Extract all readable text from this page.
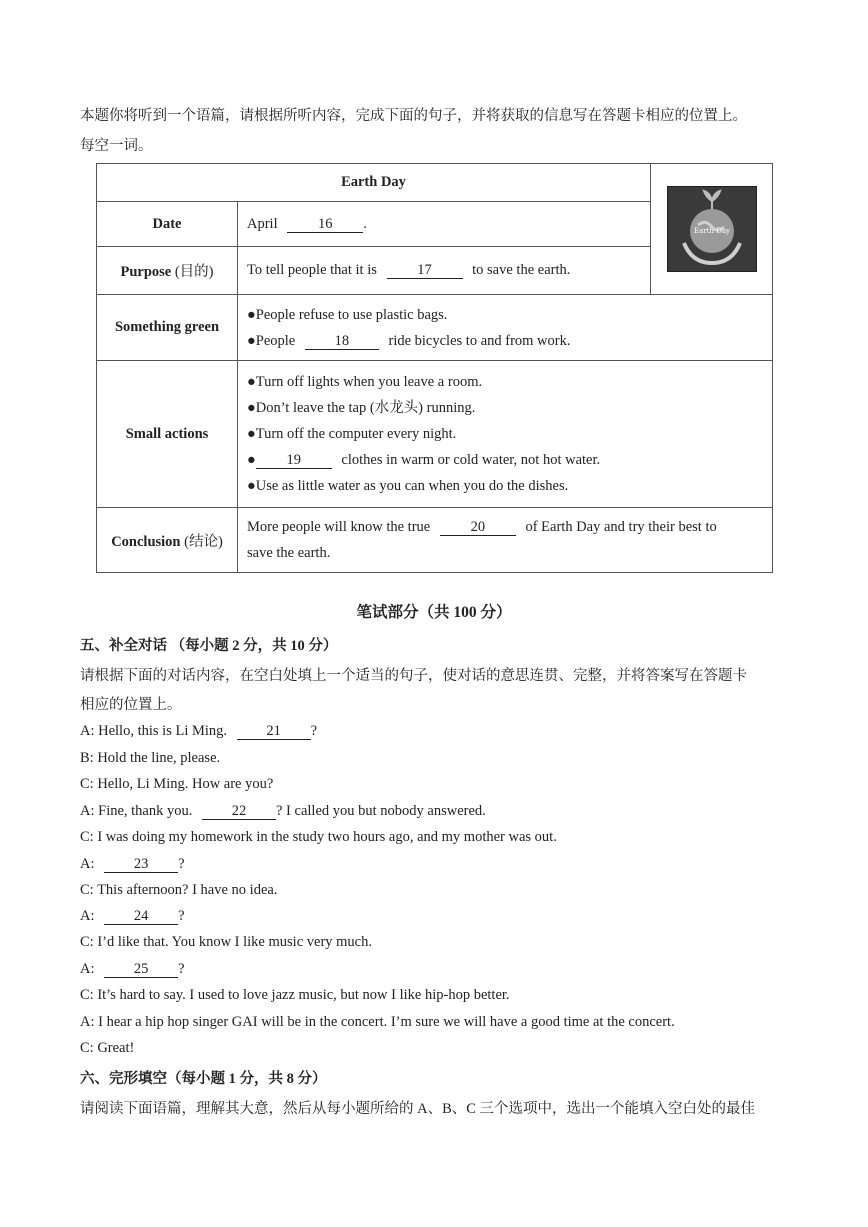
本题你将听到一个语篇，请根据所听内容，完成下面的句子，并将获取的信息写在答题卡相应的位置上。
每空一词。
Earth Day		Earth Day

Date	April 16 .	
Purpose (目的)	To tell people that it is 17 to save the earth.	
Something green	●People refuse to use plastic bags.
●People 18 ride bicycles to and from work.	

Small actions	●Turn off lights when you leave a room.
●Don’t leave the tap (水龙头) running.
●Turn off the computer every night.
● 19 clothes in warm or cold water, not hot water.
●Use as little water as you can when you do the dishes.	

Conclusion (结论)	More people will know the true 20 of Earth Day and try their best to
save the earth.	
笔试部分（共 100 分）
五、补全对话 （每小题 2 分，共 10 分）
请根据下面的对话内容，在空白处填上一个适当的句子，使对话的意思连贯、完整，并将答案写在答题卡
相应的位置上。
A: Hello, this is Li Ming.	21 ?
B: Hold the line, please.
C: Hello, Li Ming. How are you?
A: Fine, thank you.	22 ? I called you but nobody answered.
C: I was doing my homework in the study two hours ago, and my mother was out.
A:	23 ?
C: This afternoon? I have no idea.
A:	24 ?
C: I’d like that. You know I like music very much.
A:	25 ?
C: It’s hard to say. I used to love jazz music, but now I like hip-hop better.
A: I hear a hip hop singer GAI will be in the concert. I’m sure we will have a good time at the concert.
C: Great!
六、完形填空（每小题 1 分，共 8 分）
请阅读下面语篇，理解其大意，然后从每小题所给的 A、B、C 三个选项中，选出一个能填入空白处的最佳
